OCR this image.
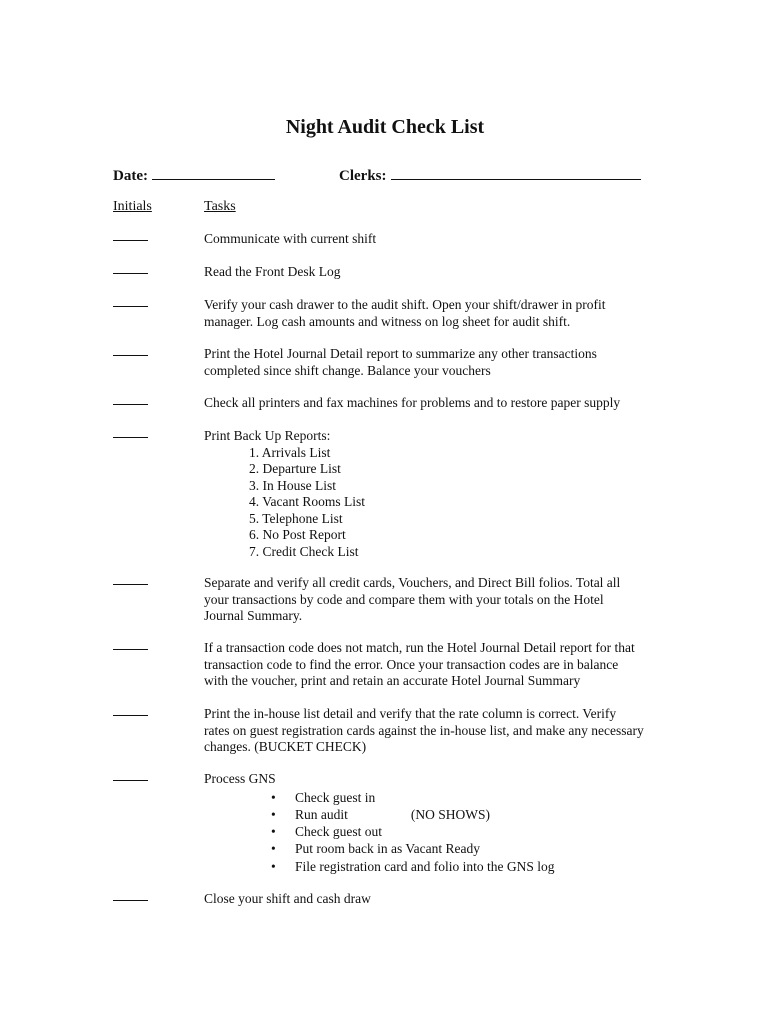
Night Audit Check List
Date:	Clerks:
Initials	Tasks
Communicate with current shift
Read the Front Desk Log
Verify your cash drawer to the audit shift. Open your shift/drawer in profit
manager. Log cash amounts and witness on log sheet for audit shift.
Print the Hotel Journal Detail report to summarize any other transactions
completed since shift change. Balance your vouchers
Check all printers and fax machines for problems and to restore paper supply
Print Back Up Reports:
1. Arrivals List
2. Departure List
3. In House List
4. Vacant Rooms List
5. Telephone List
6. No Post Report
7. Credit Check List
Separate and verify all credit cards, Vouchers, and Direct Bill folios. Total all
your transactions by code and compare them with your totals on the Hotel
Journal Summary.
If a transaction code does not match, run the Hotel Journal Detail report for that
transaction code to find the error. Once your transaction codes are in balance
with the voucher, print and retain an accurate Hotel Journal Summary
Print the in-house list detail and verify that the rate column is correct. Verify
rates on guest registration cards against the in-house list, and make any necessary
changes. (BUCKET CHECK)
Process GNS
• Check guest in
• Run audit	(NO SHOWS)
• Check guest out
• Put room back in as Vacant Ready
• File registration card and folio into the GNS log
Close your shift and cash draw
